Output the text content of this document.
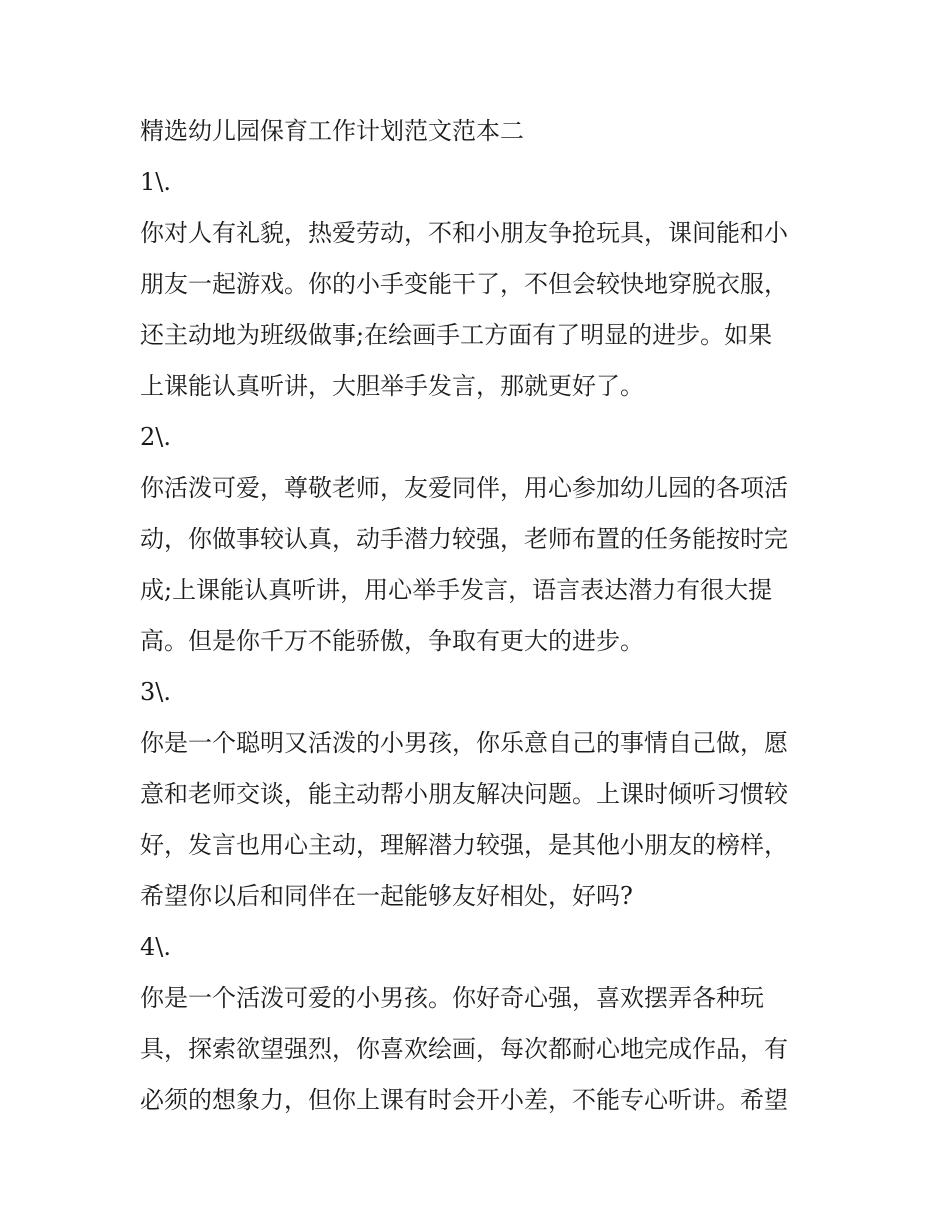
精选幼儿园保育工作计划范文范本二
1\.
你对人有礼貌，热爱劳动，不和小朋友争抢玩具，课间能和小
朋友一起游戏。你的小手变能干了，不但会较快地穿脱衣服，
还主动地为班级做事;在绘画手工方面有了明显的进步。如果
上课能认真听讲，大胆举手发言，那就更好了。
2\.
你活泼可爱，尊敬老师，友爱同伴，用心参加幼儿园的各项活
动，你做事较认真，动手潜力较强，老师布置的任务能按时完
成;上课能认真听讲，用心举手发言，语言表达潜力有很大提
高。但是你千万不能骄傲，争取有更大的进步。
3\.
你是一个聪明又活泼的小男孩，你乐意自己的事情自己做，愿
意和老师交谈，能主动帮小朋友解决问题。上课时倾听习惯较
好，发言也用心主动，理解潜力较强，是其他小朋友的榜样，
希望你以后和同伴在一起能够友好相处，好吗?
4\.
你是一个活泼可爱的小男孩。你好奇心强，喜欢摆弄各种玩
具，探索欲望强烈，你喜欢绘画，每次都耐心地完成作品，有
必须的想象力，但你上课有时会开小差，不能专心听讲。希望
